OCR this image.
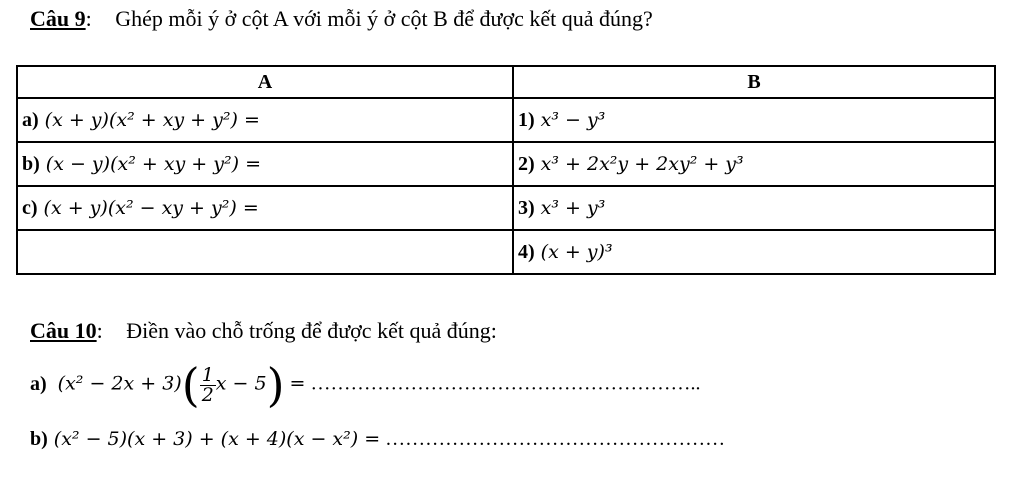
Câu 9: Ghép mỗi ý ở cột A với mỗi ý ở cột B để được kết quả đúng?
A	B
a) (x + y)(x² + xy + y²) =	1) x³ − y³
b) (x − y)(x² + xy + y²) =	2) x³ + 2x²y + 2xy² + y³
c) (x + y)(x² − xy + y²) =	3) x³ + y³
	4) (x + y)³
Câu 10: Điền vào chỗ trống để được kết quả đúng:
a) $(x^2 - 2x + 3)( \frac{1}{2}$ x − 5) = …………………………………………………..
b) (x² − 5)(x + 3) + (x + 4)(x − x²) = ……………………………………………
